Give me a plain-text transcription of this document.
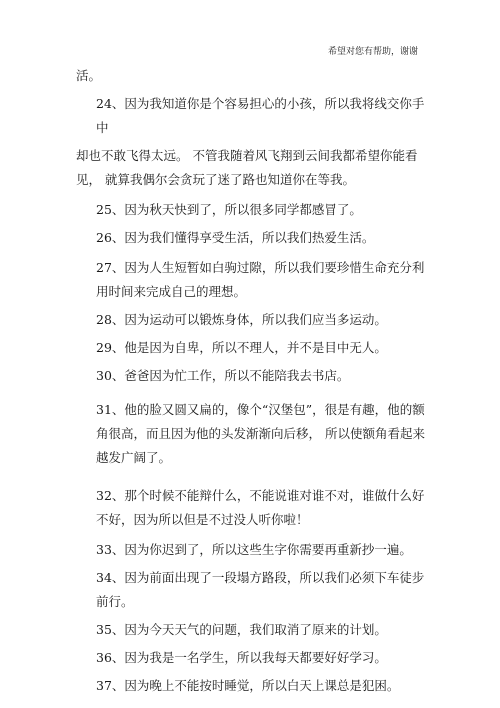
希望对您有帮助，谢谢

活。

24、因为我知道你是个容易担心的小孩，所以我将线交你手中

却也不敢飞得太远。 不管我随着风飞翔到云间我都希望你能看见， 就算我偶尔会贪玩了迷了路也知道你在等我。

25、因为秋天快到了，所以很多同学都感冒了。

26、因为我们懂得享受生活，所以我们热爱生活。

27、因为人生短暂如白驹过隙，所以我们要珍惜生命充分利用时间来完成自己的理想。

28、因为运动可以锻炼身体，所以我们应当多运动。

29、他是因为自卑，所以不理人，并不是目中无人。

30、爸爸因为忙工作，所以不能陪我去书店。

31、他的脸又圆又扁的，像个“汉堡包”，很是有趣，他的额角很高，而且因为他的头发渐渐向后移， 所以使额角看起来越发广阔了。

32、那个时候不能辩什么，不能说谁对谁不对，谁做什么好不好，因为所以但是不过没人听你啦！

33、因为你迟到了，所以这些生字你需要再重新抄一遍。

34、因为前面出现了一段塌方路段，所以我们必须下车徒步前行。

35、因为今天天气的问题，我们取消了原来的计划。

36、因为我是一名学生，所以我每天都要好好学习。

37、因为晚上不能按时睡觉，所以白天上课总是犯困。
